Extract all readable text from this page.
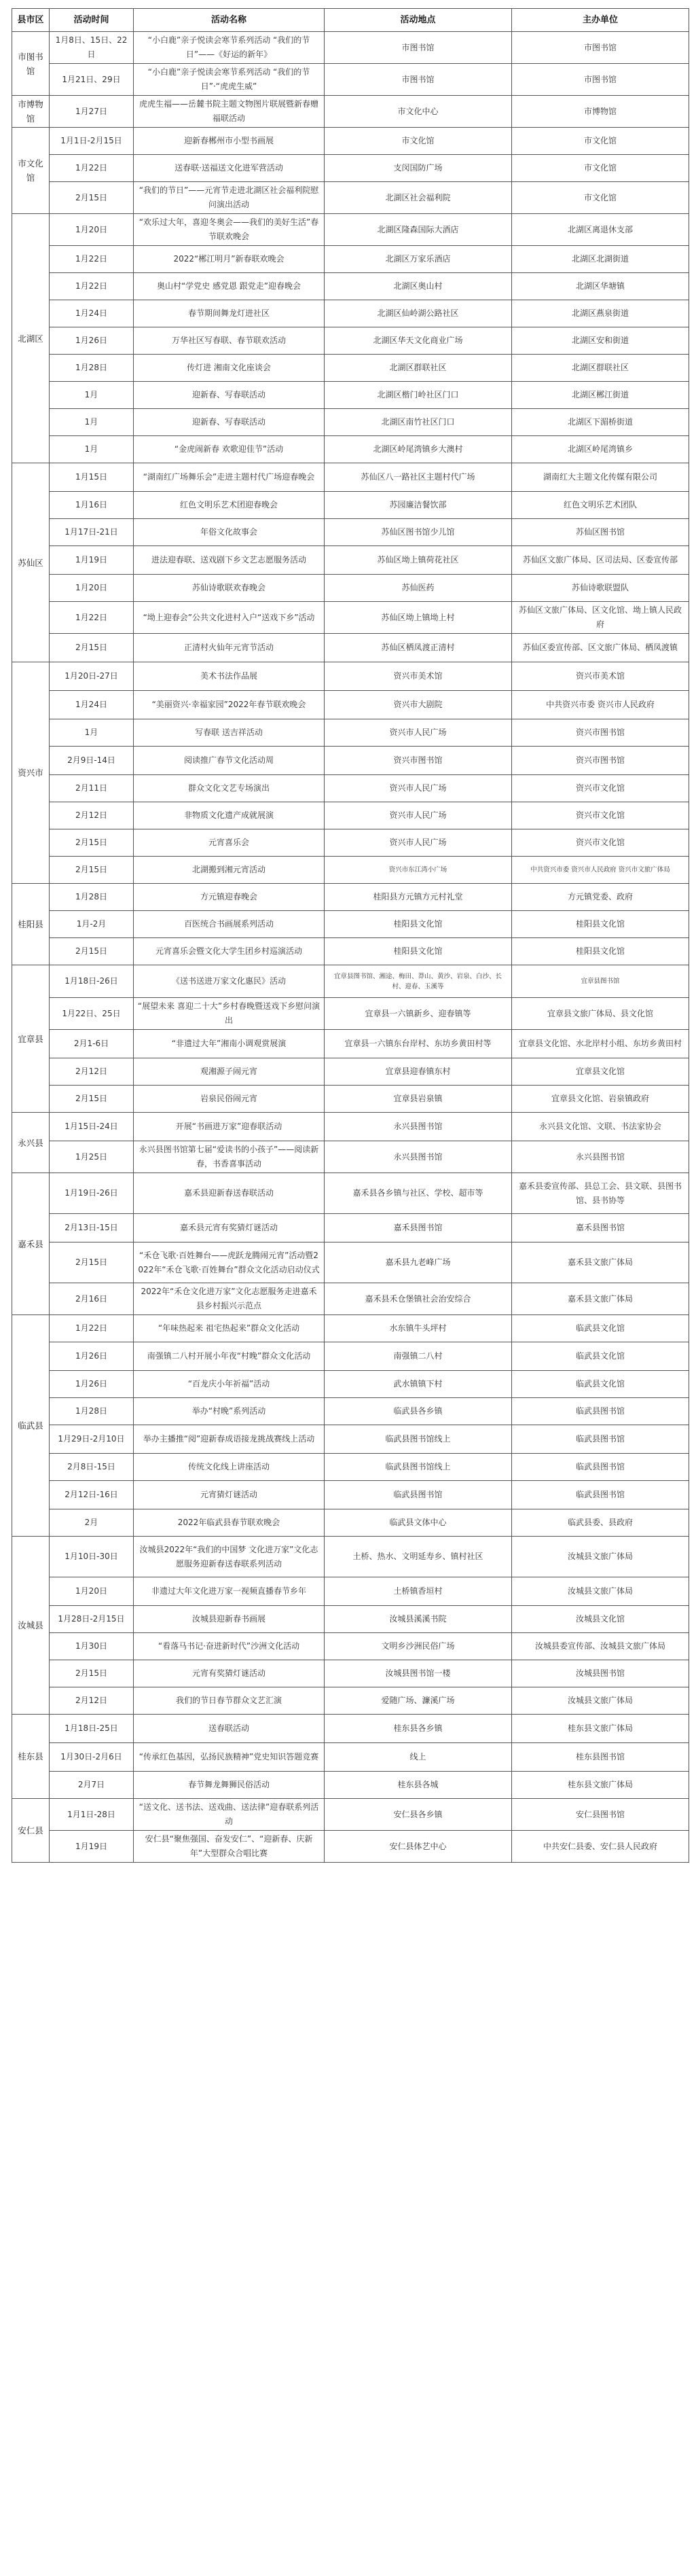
县市区	活动时间	活动名称	活动地点	主办单位
市图书馆	1月8日、15日、22日	“小白鹿”亲子悦读会寒节系列活动 “我们的节日”——《好运的新年》	市图书馆	市图书馆
	1月21日、29日	“小白鹿”亲子悦读会寒节系列活动 “我们的节日”·“虎虎生威”	市图书馆	市图书馆
市博物馆	1月27日	虎虎生福——岳麓书院主题文物图片联展暨新春赠福联活动	市文化中心	市博物馆
市文化馆	1月1日-2月15日	迎新春郴州市小型书画展	市文化馆	市文化馆
	1月22日	送春联·送福送文化进军营活动	支闵国防广场	市文化馆
	2月15日	“我们的节日”——元宵节走进北湖区社会福利院慰问演出活动	北湖区社会福利院	市文化馆
北湖区	1月20日	“欢乐过大年，喜迎冬奥会——我们的美好生活”春节联欢晚会	北湖区隆森国际大酒店	北湖区离退休支部
	1月22日	2022“郴江明月”新春联欢晚会	北湖区万家乐酒店	北湖区北湖街道
	1月22日	奥山村“学党史 感党恩 跟党走”迎春晚会	北湖区奥山村	北湖区华塘镇
	1月24日	春节期间舞龙灯进社区	北湖区仙岭湖公路社区	北湖区燕泉街道
	1月26日	万华社区写春联、春节联欢活动	北湖区华天文化商业广场	北湖区安和街道
	1月28日	传灯进 湘南文化座谈会	北湖区群联社区	北湖区群联社区
	1月	迎新春、写春联活动	北湖区楷门岭社区门口	北湖区郴江街道
	1月	迎新春、写春联活动	北湖区南竹社区门口	北湖区下湄桥街道
	1月	“金虎闹新春 欢歌迎佳节”活动	北湖区岭尾湾镇乡大澳村	北湖区岭尾湾镇乡
苏仙区	1月15日	“湖南红广场舞乐会”走进主题村代广场迎春晚会	苏仙区八一路社区主题村代广场	湖南红大主题文化传媒有限公司
	1月16日	红色文明乐艺术团迎春晚会	苏园廉洁餐饮部	红色文明乐艺术团队
	1月17日-21日	年俗文化故事会	苏仙区图书馆少儿馆	苏仙区图书馆
	1月19日	进法迎春联、送戏剧下乡文艺志愿服务活动	苏仙区坳上镇荷花社区	苏仙区文旅广体局、区司法局、区委宣传部
	1月20日	苏仙诗歌联欢春晚会	苏仙医药	苏仙诗歌联盟队
	1月22日	“坳上迎春会”公共文化进村入户“送戏下乡”活动	苏仙区坳上镇坳上村	苏仙区文旅广体局、区文化馆、坳上镇人民政府
	2月15日	正清村火仙年元宵节活动	苏仙区栖凤渡正清村	苏仙区委宣传部、区文旅广体局、栖凤渡镇
资兴市	1月20日-27日	美术书法作品展	资兴市美术馆	资兴市美术馆
	1月24日	“美丽资兴·幸福家园”2022年春节联欢晚会	资兴市大剧院	中共资兴市委 资兴市人民政府
	1月	写春联 送吉祥活动	资兴市人民广场	资兴市图书馆
	2月9日-14日	阅读推广春节文化活动周	资兴市图书馆	资兴市图书馆
	2月11日	群众文化文艺专场演出	资兴市人民广场	资兴市文化馆
	2月12日	非物质文化遗产成就展演	资兴市人民广场	资兴市文化馆
	2月15日	元宵喜乐会	资兴市人民广场	资兴市文化馆
	2月15日	北湖搬到湘元宵活动	资兴市东江湾小广场	中共资兴市委 资兴市人民政府 资兴市文旅广体局
桂阳县	1月28日	方元镇迎春晚会	桂阳县方元镇方元村礼堂	方元镇党委、政府
	1月-2月	百医统合书画展系列活动	桂阳县文化馆	桂阳县文化馆
	2月15日	元宵喜乐会暨文化大学生团乡村巡演活动	桂阳县文化馆	桂阳县文化馆
宜章县	1月18日-26日	《送书送进万家文化惠民》活动	宜章县图书馆、湘途、梅田、莽山、黄沙、岩泉、白沙、长村、迎春、玉溪等	宜章县图书馆
	1月22日、25日	“展望未来 喜迎二十大”乡村春晚暨送戏下乡慰问演出	宜章县一六镇新乡、迎春镇等	宜章县文旅广体局、县文化馆
	2月1-6日	“非遗过大年”湘南小调观赏展演	宜章县一六镇东台岸村、东坊乡黄田村等	宜章县文化馆、水北岸村小组、东坊乡黄田村
	2月12日	观湘源子闹元宵	宜章县迎春镇东村	宜章县文化馆
	2月15日	岩泉民俗闹元宵	宜章县岩泉镇	宜章县文化馆、岩泉镇政府
永兴县	1月15日-24日	开展“书画进万家”迎春联活动	永兴县图书馆	永兴县文化馆、文联、书法家协会
	1月25日	永兴县图书馆第七届“爱读书的小孩子”——阅读新春，书香喜事活动	永兴县图书馆	永兴县图书馆
嘉禾县	1月19日-26日	嘉禾县迎新春送春联活动	嘉禾县各乡镇与社区、学校、超市等	嘉禾县委宣传部、县总工会、县文联、县图书馆、县书协等
	2月13日-15日	嘉禾县元宵有奖猜灯谜活动	嘉禾县图书馆	嘉禾县图书馆
	2月15日	“禾仓飞歌·百姓舞台——虎跃龙腾闹元宵”活动暨2022年“禾仓飞歌·百姓舞台”群众文化活动启动仪式	嘉禾县九老峰广场	嘉禾县文旅广体局
	2月16日	2022年“禾仓文化进万家”文化志愿服务走进嘉禾县乡村振兴示范点	嘉禾县禾仓堡镇社会治安综合	嘉禾县文旅广体局
临武县	1月22日	“年味热起来 祖宅热起来”群众文化活动	水东镇牛头坪村	临武县文化馆
	1月26日	南强镇二八村开展小年夜“村晚”群众文化活动	南强镇二八村	临武县文化馆
	1月26日	“百龙庆小年祈福”活动	武水镇镇下村	临武县文化馆
	1月28日	举办“村晚”系列活动	临武县各乡镇	临武县图书馆
	1月29日-2月10日	举办主播推“阅”迎新春成语接龙挑战赛线上活动	临武县图书馆线上	临武县图书馆
	2月8日-15日	传统文化线上讲座活动	临武县图书馆线上	临武县图书馆
	2月12日-16日	元宵猜灯谜活动	临武县图书馆	临武县图书馆
	2月	2022年临武县春节联欢晚会	临武县文体中心	临武县委、县政府
汝城县	1月10日-30日	汝城县2022年“我们的中国梦 文化进万家”文化志愿服务迎新春送春联系列活动	土桥、热水、文明延寿乡、镇村社区	汝城县文旅广体局
	1月20日	非遗过大年文化进万家一视频直播春节乡年	土桥镇香垣村	汝城县文旅广体局
	1月28日-2月15日	汝城县迎新春书画展	汝城县溪溪书院	汝城县文化馆
	1月30日	“看落马书记·奋进新时代”沙洲文化活动	文明乡沙洲民俗广场	汝城县委宣传部、汝城县文旅广体局
	2月15日	元宵有奖猜灯谜活动	汝城县图书馆一楼	汝城县图书馆
	2月12日	我们的节日春节群众文艺汇演	爱随广场、濂溪广场	汝城县文旅广体局
桂东县	1月18日-25日	送春联活动	桂东县各乡镇	桂东县文旅广体局
	1月30日-2月6日	“传承红色基因，弘扬民族精神”党史知识答题竞赛	线上	桂东县图书馆
	2月7日	春节舞龙舞狮民俗活动	桂东县各城	桂东县文旅广体局
安仁县	1月1日-28日	“送文化、送书法、送戏曲、送法律”迎春联系列活动	安仁县各乡镇	安仁县图书馆
	1月19日	安仁县“聚焦强国、奋发安仁”、“迎新春、庆新年”大型群众合唱比赛	安仁县体艺中心	中共安仁县委、安仁县人民政府
